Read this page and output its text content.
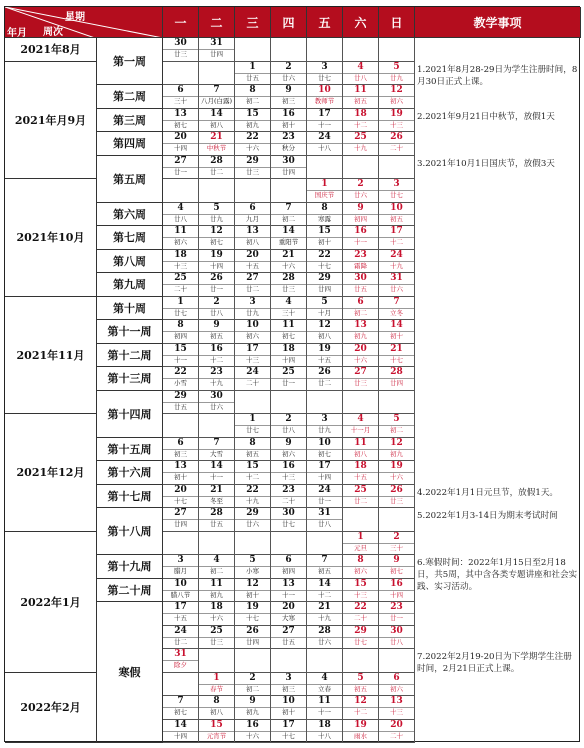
星期
周次
年月
一 二 三 四 五 六 日	教学事项
2021年8月
2021年月9月
2021年10月
2021年11月
2021年12月
2022年1月
2022年2月
第一周
第二周
第三周
第四周
第五周
第六周
第七周
第八周
第九周
第十周
第十一周
第十二周
第十三周
第十四周
第十五周
第十六周
第十七周
第十八周
第十九周
第二十周
寒假
30
廿三
31
廿四
1
廿五
2
廿六
3
廿七
4
廿八
5
廿九
6
三十
7
八月(白露)
8
初二
9
初三
10
教师节
11
初五
12
初六
13
初七
14
初八
15
初九
16
初十
17
十一
18
十二
19
十三
20
十四
21
中秋节
22
十六
23
秋分
24
十八
25
十九
26
二十
27
廿一
28
廿二
29
廿三
30
廿四
1
国庆节
2
廿六
3
廿七
4
廿八
5
廿九
6
九月
7
初二
8
寒露
9
初四
10
初五
11
初六
12
初七
13
初八
14
重阳节
15
初十
16
十一
17
十二
18
十三
19
十四
20
十五
21
十六
22
十七
23
霜降
24
十九
25
二十
26
廿一
27
廿二
28
廿三
29
廿四
30
廿五
31
廿六
1
廿七
2
廿八
3
廿九
4
三十
5
十月
6
初二
7
立冬
8
初四
9
初五
10
初六
11
初七
12
初八
13
初九
14
初十
15
十一
16
十二
17
十三
18
十四
19
十五
20
十六
21
十七
22
小雪
23
十九
24
二十
25
廿一
26
廿二
27
廿三
28
廿四
29
廿五
30
廿六
1
廿七
2
廿八
3
廿九
4
十一月
5
初二
6
初三
7
大雪
8
初五
9
初六
10
初七
11
初八
12
初九
13
初十
14
十一
15
十二
16
十三
17
十四
18
十五
19
十六
20
十七
21
冬至
22
十九
23
二十
24
廿一
25
廿二
26
廿三
27
廿四
28
廿五
29
廿六
30
廿七
31
廿八
1
元旦
2
三十
3
腊月
4
初二
5
小寒
6
初四
7
初五
8
初六
9
初七
10
腊八节
11
初九
12
初十
13
十一
14
十二
15
十三
16
十四
17
十五
18
十六
19
十七
20
大寒
21
十九
22
二十
23
廿一
24
廿二
25
廿三
26
廿四
27
廿五
28
廿六
29
廿七
30
廿八
31
除夕
1
春节
2
初二
3
初三
4
立春
5
初五
6
初六
7
初七
8
初八
9
初九
10
初十
11
十一
12
十二
13
十三
14
十四
15
元宵节
16
十六
17
十七
18
十八
19
雨水
20
二十
1.2021年8月28-29日为学生注册时间，8月30日正式上课。
2.2021年9月21日中秋节，放假1天
3.2021年10月1日国庆节，放假3天
4.2022年1月1日元旦节，放假1天。
5.2022年1月3-14日为期末考试时间
6.寒假时间：2022年1月15日至2月18日，共5周，其中含各类专题讲座和社会实践、实习活动。
7.2022年2月19-20日为下学期学生注册时间，2月21日正式上课。
